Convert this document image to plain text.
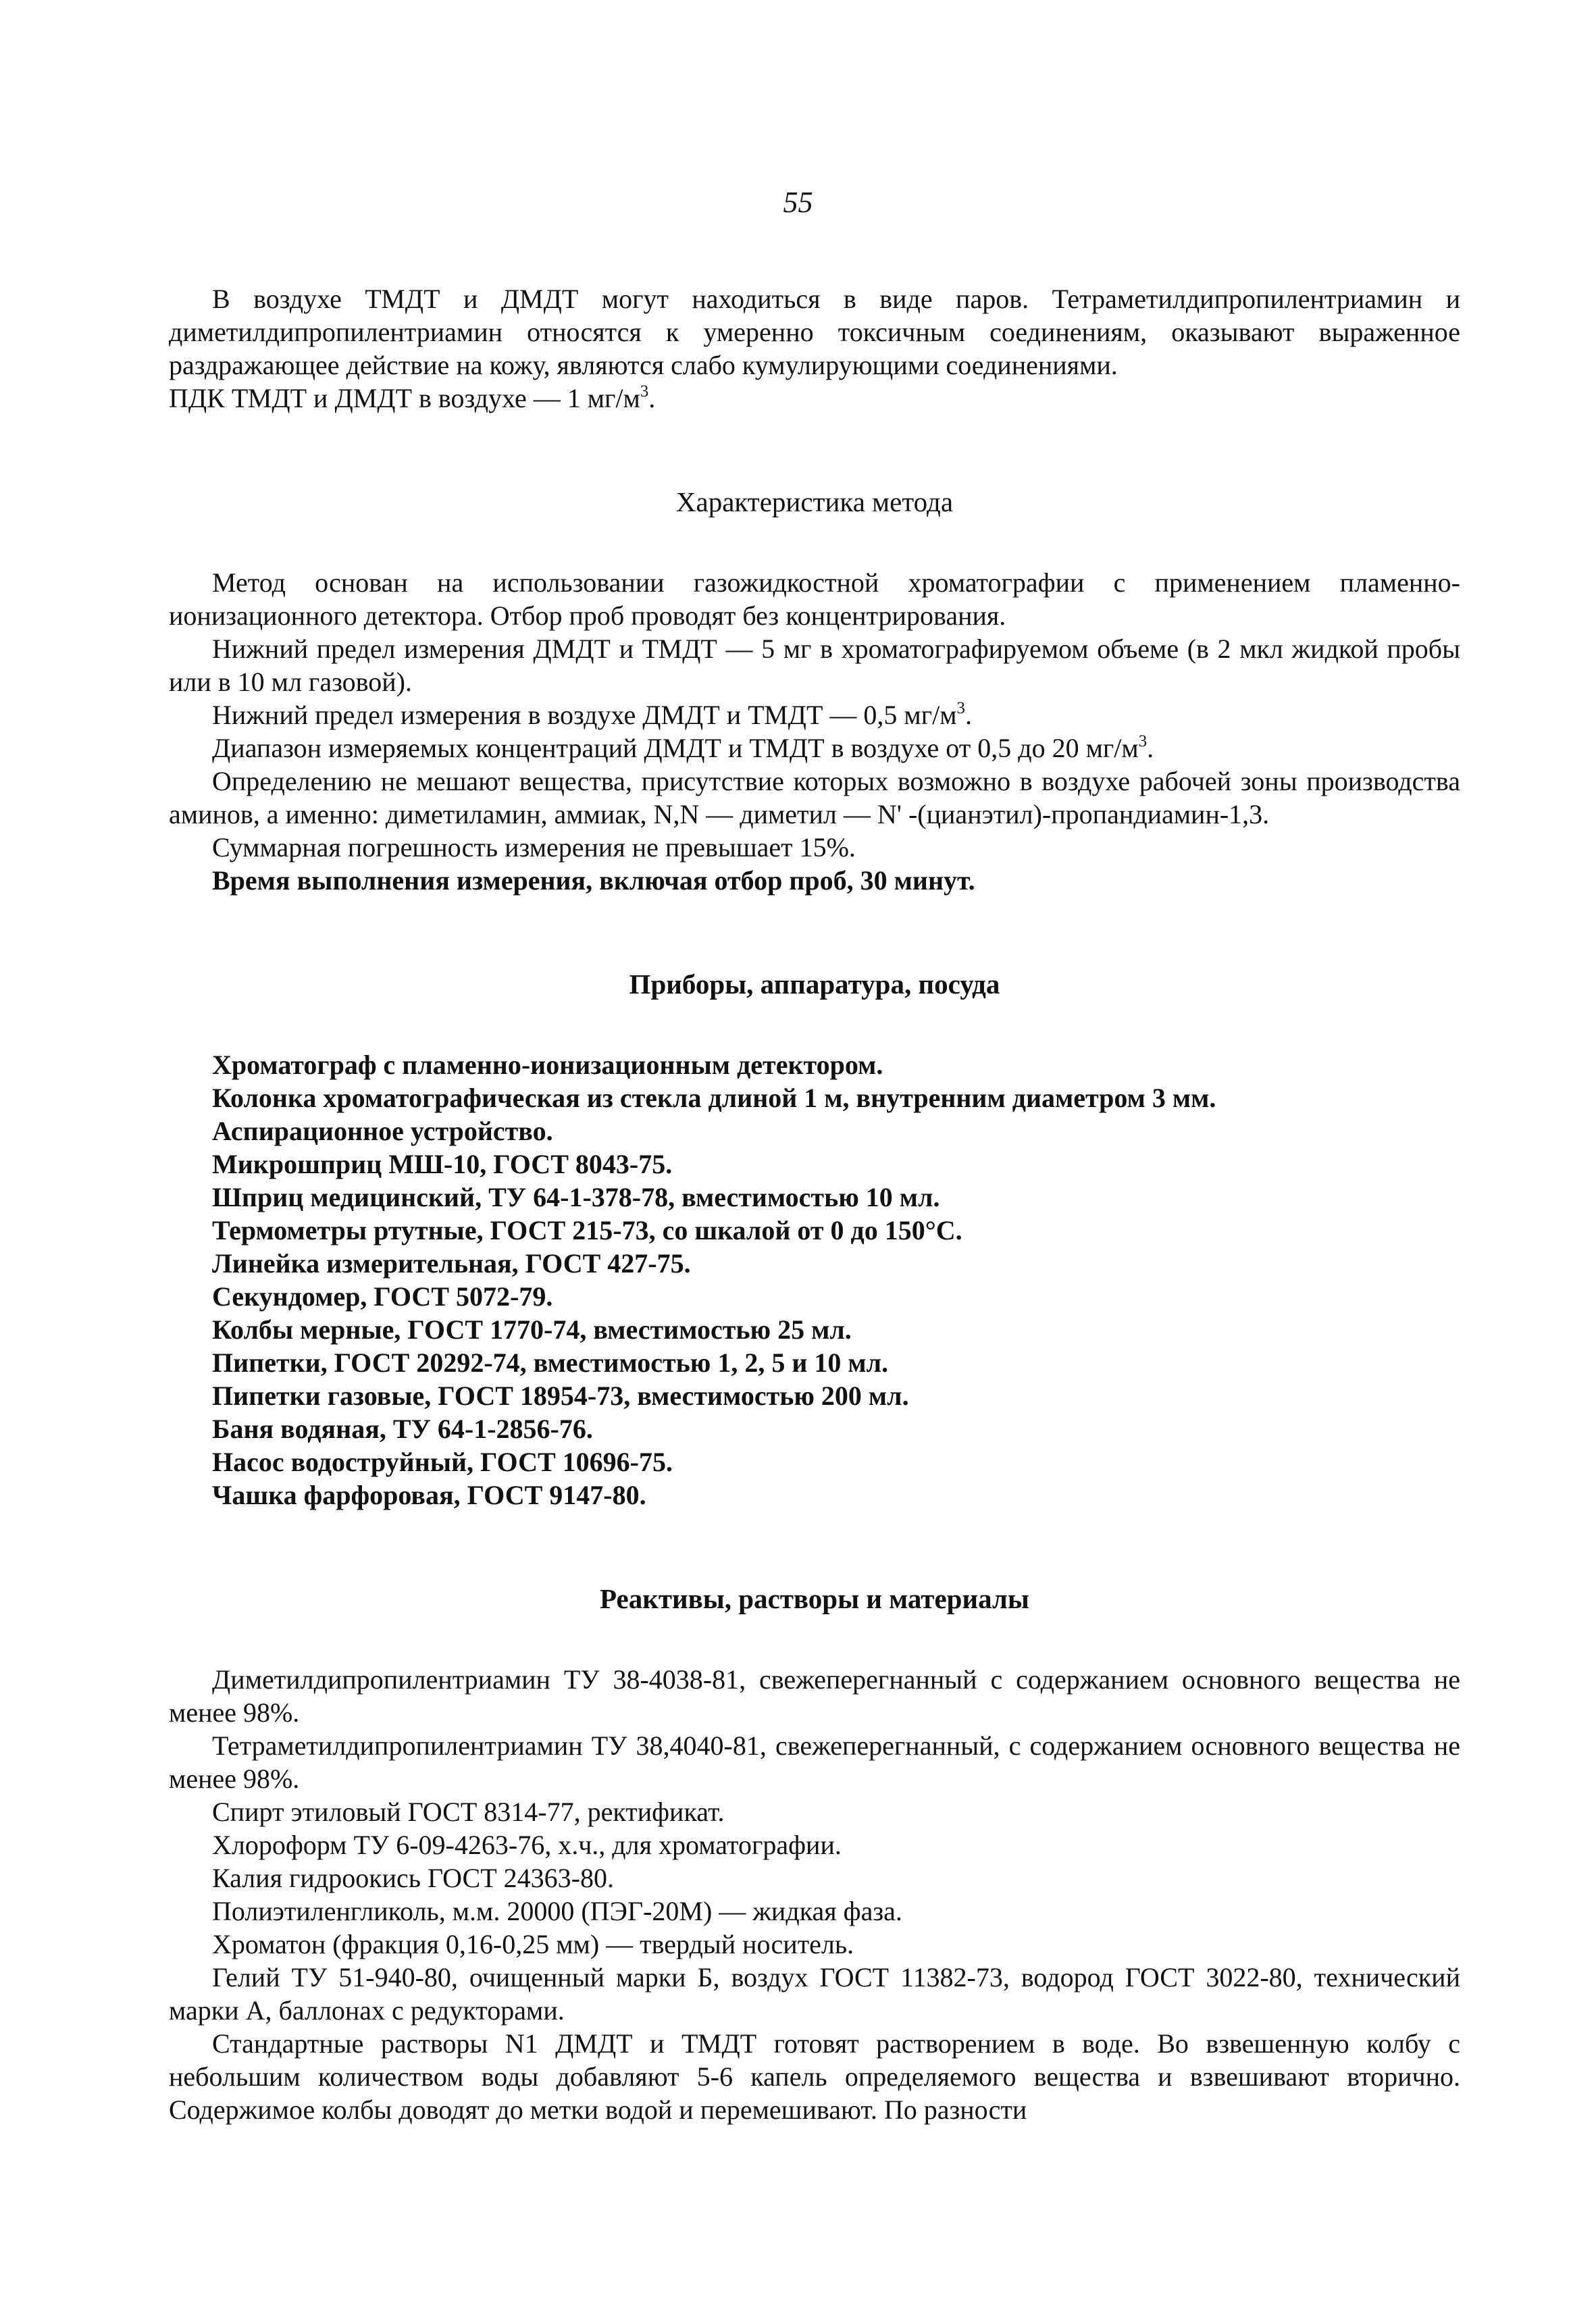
55

В воздухе ТМДТ и ДМДТ могут находиться в виде паров. Тетраметилдипропилентриамин и диметилдипропилентриамин относятся к умеренно токсичным соединениям, оказывают выраженное раздражающее действие на кожу, являются слабо кумулирующими соединениями.

ПДК ТМДТ и ДМДТ в воздухе — 1 $мг/м^3$.

Характеристика метода

Метод основан на использовании газожидкостной хроматографии с применением пламенно-ионизационного детектора. Отбор проб проводят без концентрирования.

Нижний предел измерения ДМДТ и ТМДТ — 5 мг в хроматографируемом объеме (в 2 мкл жидкой пробы или в 10 мл газовой).

Нижний предел измерения в воздухе ДМДТ и ТМДТ — 0,5 $мг/м^3$.

Диапазон измеряемых концентраций ДМДТ и ТМДТ в воздухе от 0,5 до 20 $мг/м^3$.

Определению не мешают вещества, присутствие которых возможно в воздухе рабочей зоны производства аминов, а именно: диметиламин, аммиак, N,N — диметил — N' -(цианэтил)-пропандиамин-1,3.

Суммарная погрешность измерения не превышает 15%.

Время выполнения измерения, включая отбор проб, 30 минут.

Приборы, аппаратура, посуда

Хроматограф с пламенно-ионизационным детектором.

Колонка хроматографическая из стекла длиной 1 м, внутренним диаметром 3 мм.

Аспирационное устройство.

Микрошприц МШ-10, ГОСТ 8043-75.

Шприц медицинский, ТУ 64-1-378-78, вместимостью 10 мл.

Термометры ртутные, ГОСТ 215-73, со шкалой от 0 до 150°С.

Линейка измерительная, ГОСТ 427-75.

Секундомер, ГОСТ 5072-79.

Колбы мерные, ГОСТ 1770-74, вместимостью 25 мл.

Пипетки, ГОСТ 20292-74, вместимостью 1, 2, 5 и 10 мл.

Пипетки газовые, ГОСТ 18954-73, вместимостью 200 мл.

Баня водяная, ТУ 64-1-2856-76.

Насос водоструйный, ГОСТ 10696-75.

Чашка фарфоровая, ГОСТ 9147-80.

Реактивы, растворы и материалы

Диметилдипропилентриамин ТУ 38-4038-81, свежеперегнанный с содержанием основного вещества не менее 98%.

Тетраметилдипропилентриамин ТУ 38,4040-81, свежеперегнанный, с содержанием основного вещества не менее 98%.

Спирт этиловый ГОСТ 8314-77, ректификат.

Хлороформ ТУ 6-09-4263-76, х.ч., для хроматографии.

Калия гидроокись ГОСТ 24363-80.

Полиэтиленгликоль, м.м. 20000 (ПЭГ-20М) — жидкая фаза.

Хроматон (фракция 0,16-0,25 мм) — твердый носитель.

Гелий ТУ 51-940-80, очищенный марки Б, воздух ГОСТ 11382-73, водород ГОСТ 3022-80, технический марки А, баллонах с редукторами.

Стандартные растворы N1 ДМДТ и ТМДТ готовят растворением в воде. Во взвешенную колбу с небольшим количеством воды добавляют 5-6 капель определяемого вещества и взвешивают вторично. Содержимое колбы доводят до метки водой и перемешивают. По разности
